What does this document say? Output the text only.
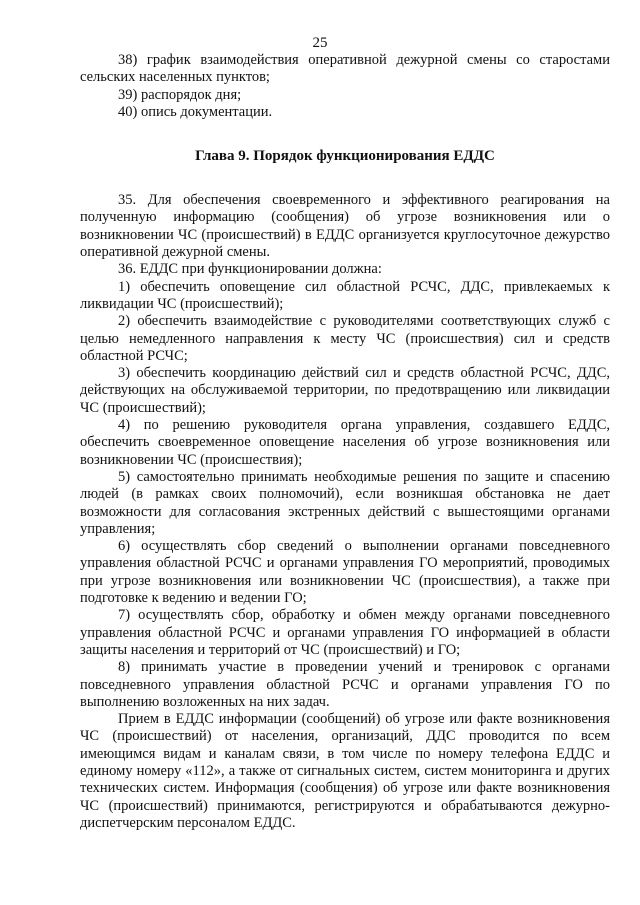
25

38) график взаимодействия оперативной дежурной смены со старостами сельских населенных пунктов;

39) распорядок дня;

40) опись документации.

Глава 9. Порядок функционирования ЕДДС

35. Для обеспечения своевременного и эффективного реагирования на полученную информацию (сообщения) об угрозе возникновения или о возникновении ЧС (происшествий) в ЕДДС организуется круглосуточное дежурство оперативной дежурной смены.

36. ЕДДС при функционировании должна:

1) обеспечить оповещение сил областной РСЧС, ДДС, привлекаемых к ликвидации ЧС (происшествий);

2) обеспечить взаимодействие с руководителями соответствующих служб с целью немедленного направления к месту ЧС (происшествия) сил и средств областной РСЧС;

3) обеспечить координацию действий сил и средств областной РСЧС, ДДС, действующих на обслуживаемой территории, по предотвращению или ликвидации ЧС (происшествий);

4) по решению руководителя органа управления, создавшего ЕДДС, обеспечить своевременное оповещение населения об угрозе возникновения или возникновении ЧС (происшествия);

5) самостоятельно принимать необходимые решения по защите и спасению людей (в рамках своих полномочий), если возникшая обстановка не дает возможности для согласования экстренных действий с вышестоящими органами управления;

6) осуществлять сбор сведений о выполнении органами повседневного управления областной РСЧС и органами управления ГО мероприятий, проводимых при угрозе возникновения или возникновении ЧС (происшествия), а также при подготовке к ведению и ведении ГО;

7) осуществлять сбор, обработку и обмен между органами повседневного управления областной РСЧС и органами управления ГО информацией в области защиты населения и территорий от ЧС (происшествий) и ГО;

8) принимать участие в проведении учений и тренировок с органами повседневного управления областной РСЧС и органами управления ГО по выполнению возложенных на них задач.

Прием в ЕДДС информации (сообщений) об угрозе или факте возникновения ЧС (происшествий) от населения, организаций, ДДС проводится по всем имеющимся видам и каналам связи, в том числе по номеру телефона ЕДДС и единому номеру «112», а также от сигнальных систем, систем мониторинга и других технических систем. Информация (сообщения) об угрозе или факте возникновения ЧС (происшествий) принимаются, регистрируются и обрабатываются дежурно-диспетчерским персоналом ЕДДС.
